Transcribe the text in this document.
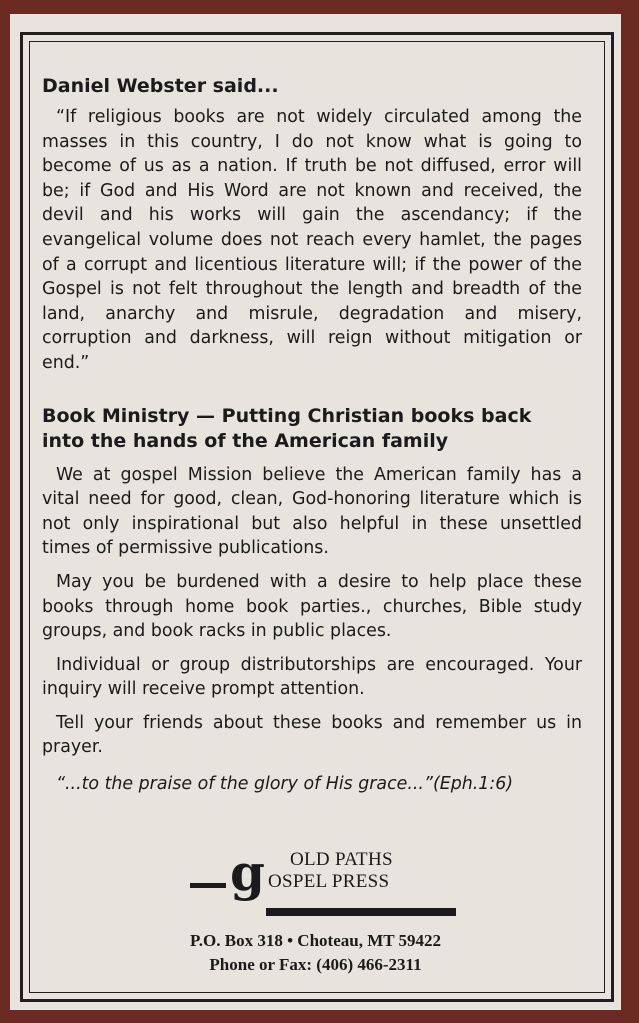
Daniel Webster said...

“If religious books are not widely circulated among the masses in this country, I do not know what is going to become of us as a nation. If truth be not diffused, error will be; if God and His Word are not known and received, the devil and his works will gain the ascendancy; if the evangelical volume does not reach every hamlet, the pages of a corrupt and licentious literature will; if the power of the Gospel is not felt throughout the length and breadth of the land, anarchy and misrule, degradation and misery, corruption and darkness, will reign without mitigation or end.”

Book Ministry — Putting Christian books back
into the hands of the American family

We at gospel Mission believe the American family has a vital need for good, clean, God-honoring literature which is not only inspirational but also helpful in these unsettled times of permissive publications.

May you be burdened with a desire to help place these books through home book parties., churches, Bible study groups, and book racks in public places.

Individual or group distributorships are encouraged. Your inquiry will receive prompt attention.

Tell your friends about these books and remember us in prayer.

“...to the praise of the glory of His grace...”(Eph.1:6)

g OLD PATHS
OSPEL PRESS
P.O. Box 318 • Choteau, MT 59422
Phone or Fax: (406) 466-2311
